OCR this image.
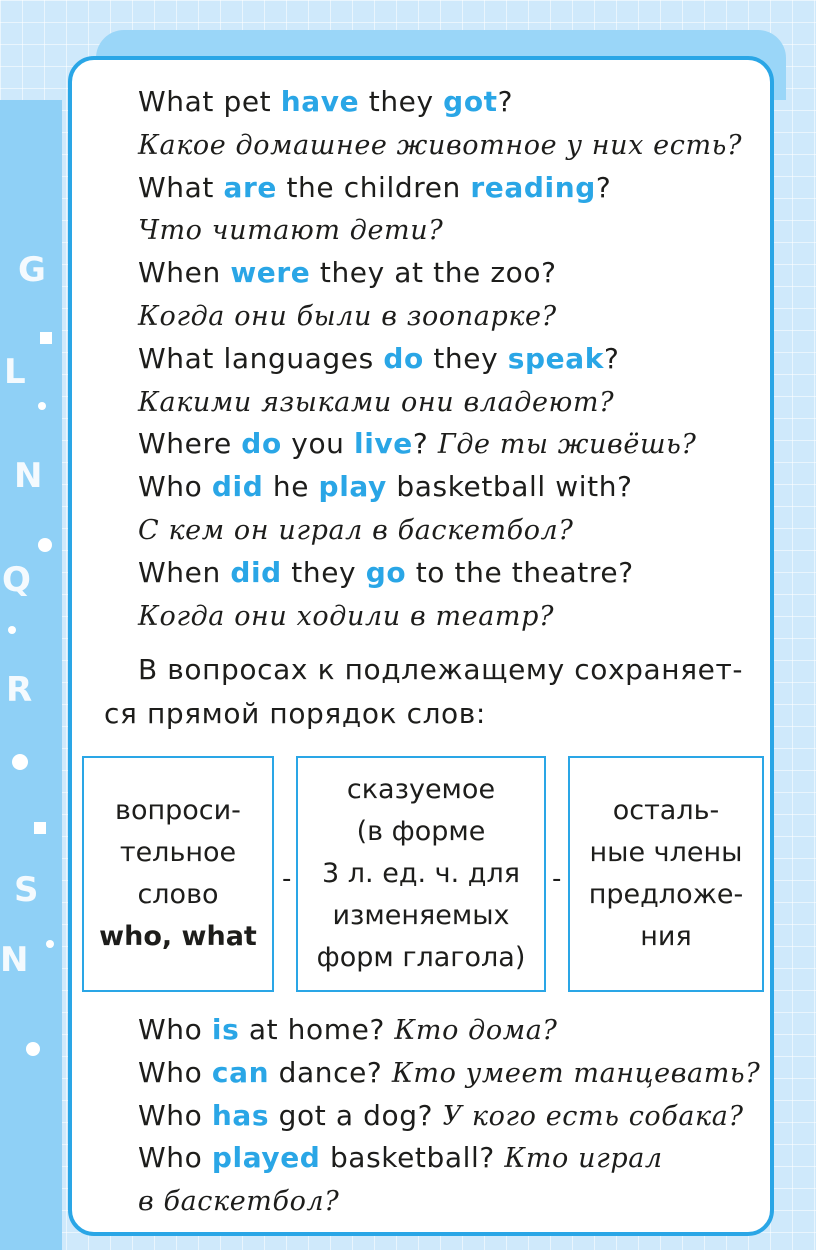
G
L
N
Q
R
S
N
What pet have they got?
Какое домашнее животное у них есть?
What are the children reading?
Что читают дети?
When were they at the zoo?
Когда они были в зоопарке?
What languages do they speak?
Какими языками они владеют?
Where do you live? Где ты живёшь?
Who did he play basketball with?
С кем он играл в баскетбол?
When did they go to the theatre?
Когда они ходили в театр?
В вопросах к подлежащему сохраняет-
ся прямой порядок слов:
вопроси-
тельное
слово
who, what
-
сказуемое
(в форме
3 л. ед. ч. для
изменяемых
форм глагола)
-
осталь-
ные члены
предложе-
ния
Who is at home? Кто дома?
Who can dance? Кто умеет танцевать?
Who has got a dog? У кого есть собака?
Who played basketball? Кто играл
в баскетбол?
